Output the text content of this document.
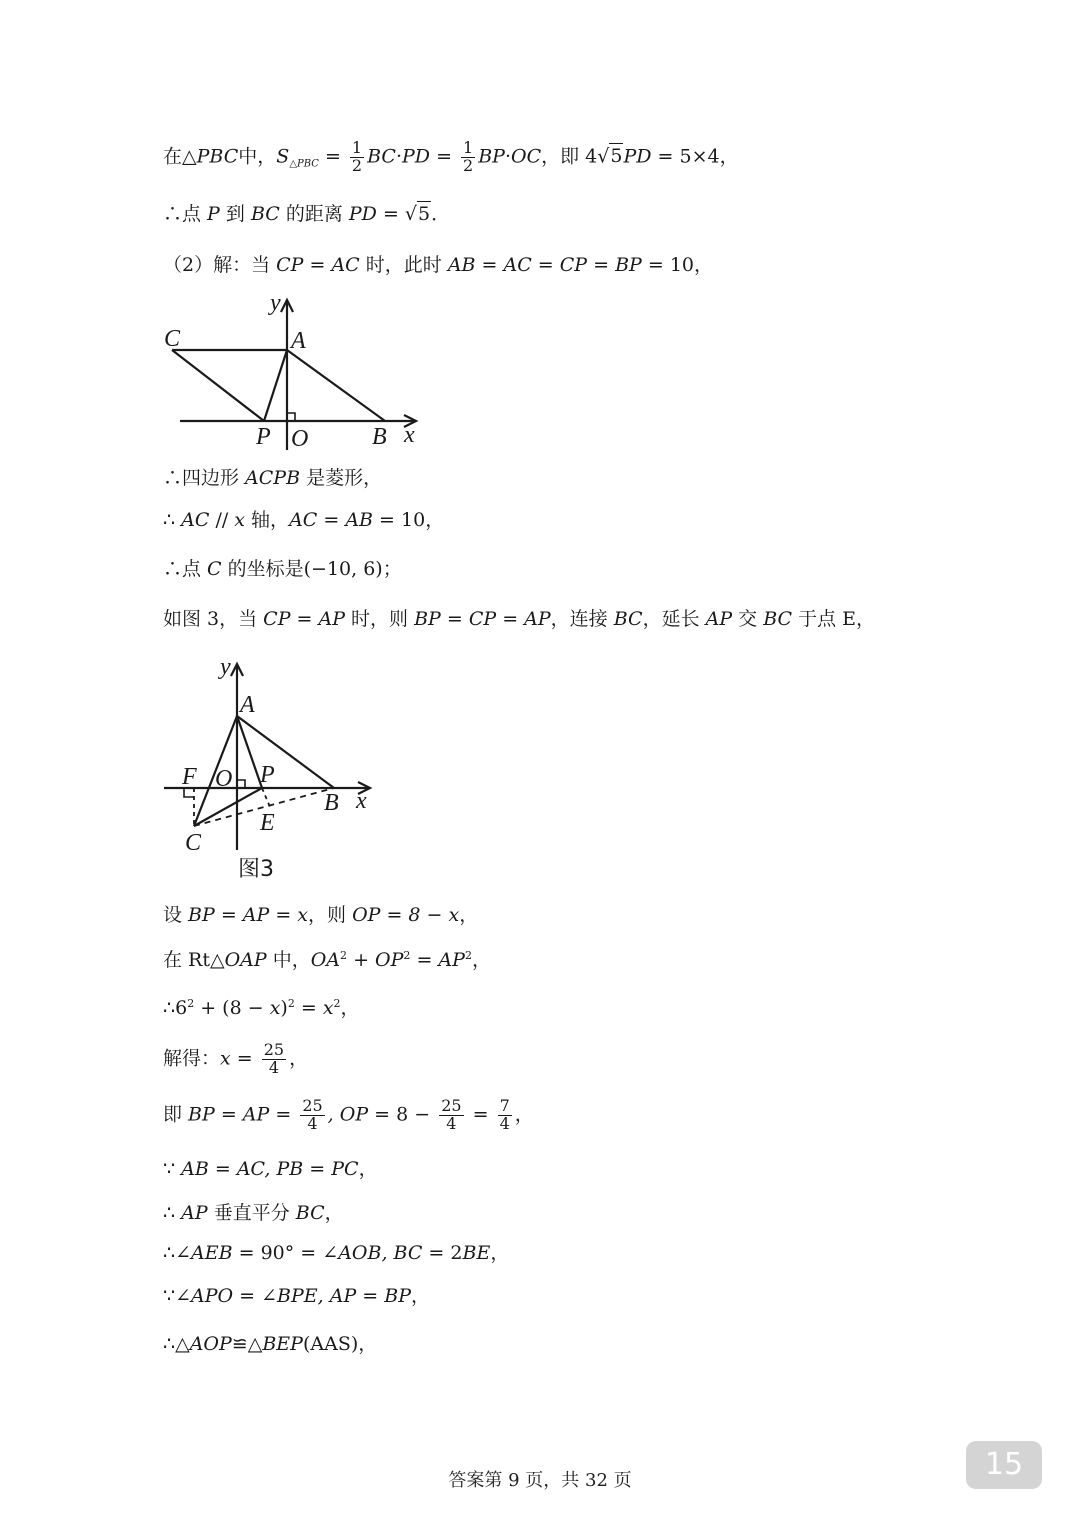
在△PBC中，$S_{\triangle PBC} = \frac{1}{2} BC\cdot PD = \frac{1}{2} BP\cdot OC$，即 4√5PD = 5×4，
∴点 P 到 BC 的距离 PD = √5．
（2）解：当 CP = AC 时，此时 AB = AC = CP = BP = 10，
y
x
C	A
P O	B
∴四边形 ACPB 是菱形，
∴ AC // x 轴，AC = AB = 10，
∴点 C 的坐标是(−10, 6)；
如图 3，当 CP = AP 时，则 BP = CP = AP，连接 BC，延长 AP 交 BC 于点 E，
y
A
F O P
x
B
E
C
图3
设 BP = AP = x，则 OP = 8 − x，
在 Rt△OAP 中，$OA^2 + OP^2 = AP^2$，
$\therefore 6^2 + (8 - x)^2 = x^2$，
解得：$x = \frac{25}{4}$ ，
即 BP = AP = $\frac{25}{4}$ , OP = $8 - \frac{25}{4} = \frac{7}{4}$ ，
∵ AB = AC, PB = PC，
∴ AP 垂直平分 BC，
∴∠AEB = 90° = ∠AOB, BC = 2BE，
∵∠APO = ∠BPE, AP = BP，
∴△AOP≌△BEP(AAS)，
答案第 9 页，共 32 页	15
